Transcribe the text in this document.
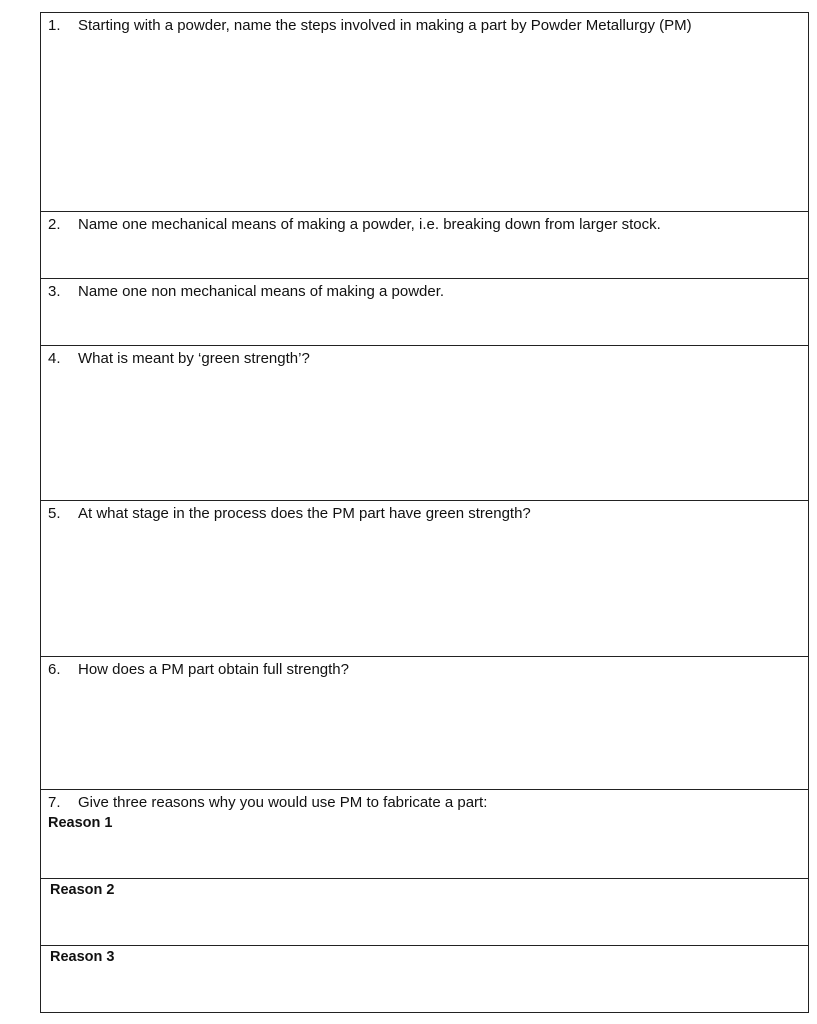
1. Starting with a powder, name the steps involved in making a part by Powder Metallurgy (PM)
2. Name one mechanical means of making a powder, i.e. breaking down from larger stock.
3. Name one non mechanical means of making a powder.
4. What is meant by ‘green strength’?
5. At what stage in the process does the PM part have green strength?
6. How does a PM part obtain full strength?
7. Give three reasons why you would use PM to fabricate a part:
Reason 1
Reason 2
Reason 3
